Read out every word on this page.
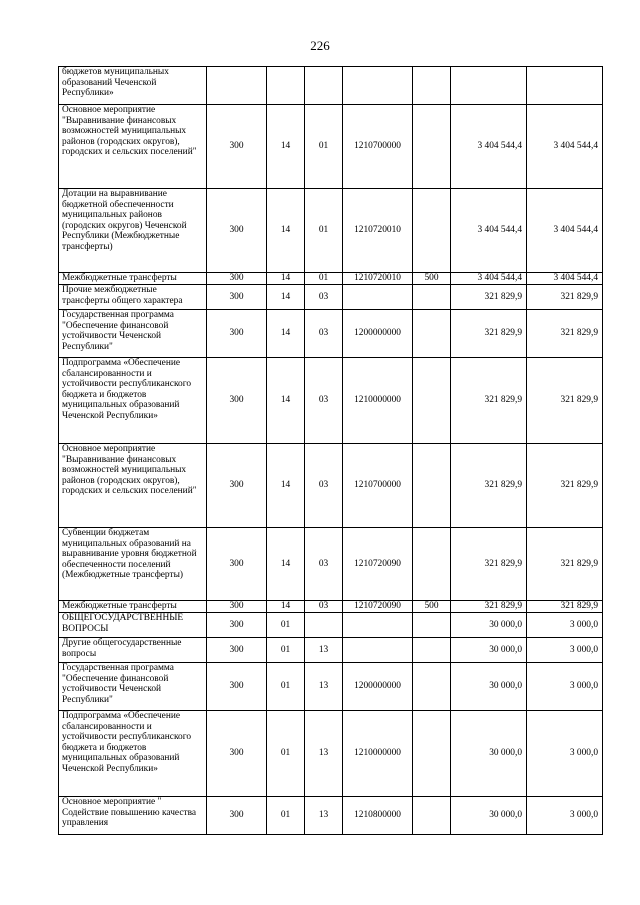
226
бюджетов муниципальных образований Чеченской Республики»							
Основное мероприятие "Выравнивание финансовых возможностей муниципальных районов (городских округов), городских и сельских поселений"	300	14	01	1210700000		3 404 544,4	3 404 544,4
Дотации на выравнивание бюджетной обеспеченности муниципальных районов (городских округов) Чеченской Республики (Межбюджетные трансферты)	300	14	01	1210720010		3 404 544,4	3 404 544,4
Межбюджетные трансферты	300	14	01	1210720010	500	3 404 544,4	3 404 544,4
Прочие межбюджетные трансферты общего характера	300	14	03			321 829,9	321 829,9
Государственная программа "Обеспечение финансовой устойчивости Чеченской Республики"	300	14	03	1200000000		321 829,9	321 829,9
Подпрограмма «Обеспечение сбалансированности и устойчивости республиканского бюджета и бюджетов муниципальных образований Чеченской Республики»	300	14	03	1210000000		321 829,9	321 829,9
Основное мероприятие "Выравнивание финансовых возможностей муниципальных районов (городских округов), городских и сельских поселений"	300	14	03	1210700000		321 829,9	321 829,9
Субвенции бюджетам муниципальных образований на выравнивание уровня бюджетной обеспеченности поселений (Межбюджетные трансферты)	300	14	03	1210720090		321 829,9	321 829,9
Межбюджетные трансферты	300	14	03	1210720090	500	321 829,9	321 829,9
ОБЩЕГОСУДАРСТВЕННЫЕ ВОПРОСЫ	300	01				30 000,0	3 000,0
Другие общегосударственные вопросы	300	01	13			30 000,0	3 000,0
Государственная программа "Обеспечение финансовой устойчивости Чеченской Республики"	300	01	13	1200000000		30 000,0	3 000,0
Подпрограмма «Обеспечение сбалансированности и устойчивости республиканского бюджета и бюджетов муниципальных образований Чеченской Республики»	300	01	13	1210000000		30 000,0	3 000,0
Основное мероприятие " Содействие повышению качества управления	300	01	13	1210800000		30 000,0	3 000,0
